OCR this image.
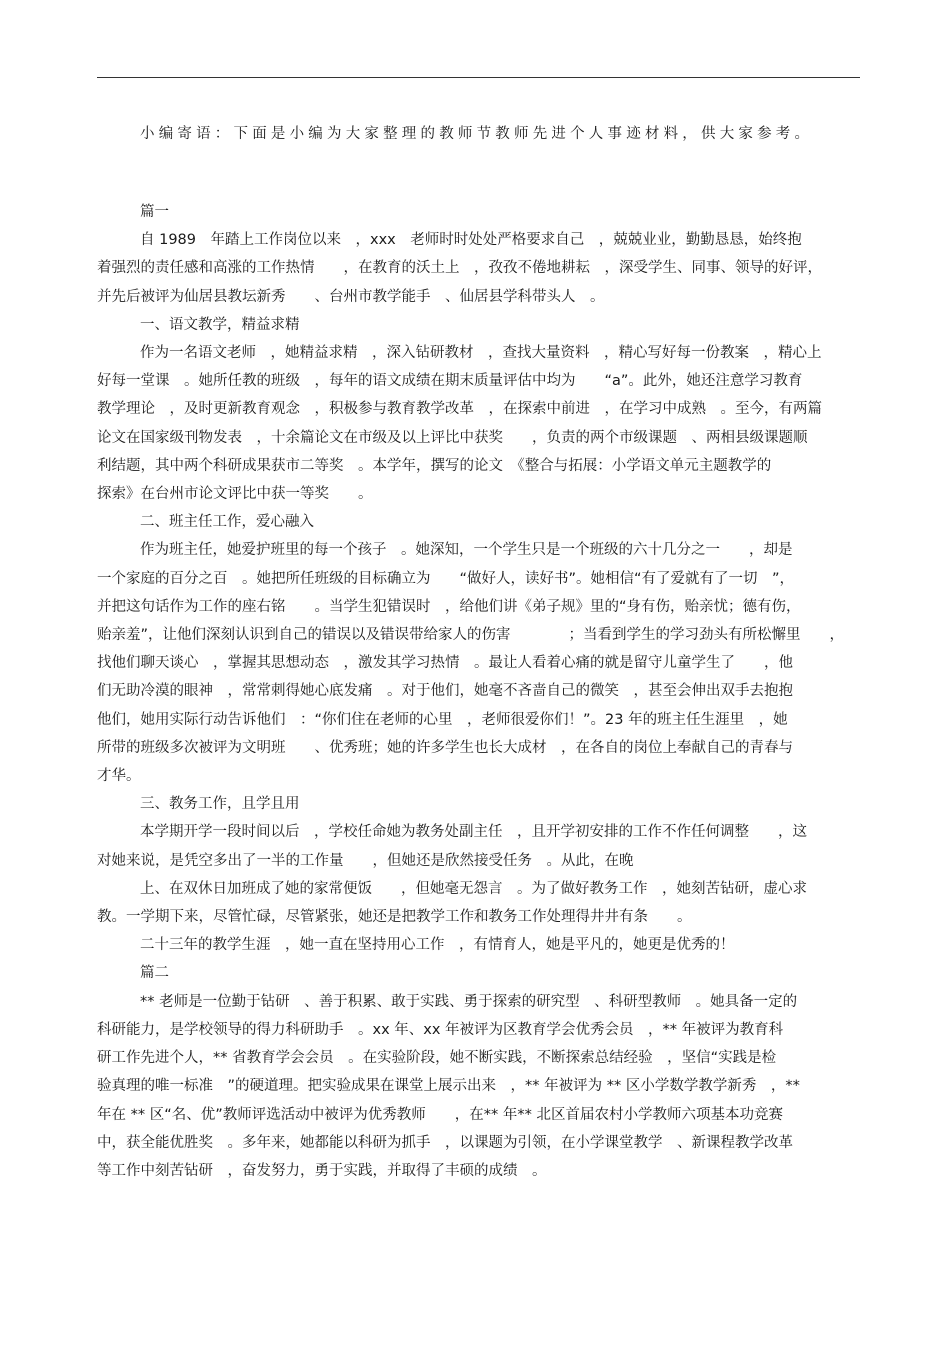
小编寄语：下面是小编为大家整理的教师节教师先进个人事迹材料，供大家参考。

篇一

自 1989　年踏上工作岗位以来　，xxx　老师时时处处严格要求自己　，兢兢业业，勤勤恳恳，始终抱

着强烈的责任感和高涨的工作热情　　，在教育的沃土上　，孜孜不倦地耕耘　，深受学生、同事、领导的好评，

并先后被评为仙居县教坛新秀　　、台州市教学能手　、仙居县学科带头人　。

一、语文教学，精益求精

作为一名语文老师　，她精益求精　，深入钻研教材　，查找大量资料　，精心写好每一份教案　，精心上

好每一堂课　。她所任教的班级　，每年的语文成绩在期末质量评估中均为　　“a”。此外，她还注意学习教育

教学理论　，及时更新教育观念　，积极参与教育教学改革　，在探索中前进　，在学习中成熟　。至今，有两篇

论文在国家级刊物发表　，十余篇论文在市级及以上评比中获奖　　，负责的两个市级课题　、两相县级课题顺

利结题，其中两个科研成果获市二等奖　。本学年，撰写的论文　《整合与拓展：小学语文单元主题教学的

探索》在台州市论文评比中获一等奖　　。

二、班主任工作，爱心融入

作为班主任，她爱护班里的每一个孩子　。她深知，一个学生只是一个班级的六十几分之一　　，却是

一个家庭的百分之百　。她把所任班级的目标确立为　　“做好人，读好书”。她相信“有了爱就有了一切　”，

并把这句话作为工作的座右铭　　。当学生犯错误时　，给他们讲《弟子规》里的“身有伤，贻亲忧；德有伤，

贻亲羞”，让他们深刻认识到自己的错误以及错误带给家人的伤害　　　　；当看到学生的学习劲头有所松懈里　　，

找他们聊天谈心　，掌握其思想动态　，激发其学习热情　。最让人看着心痛的就是留守儿童学生了　　，他

们无助冷漠的眼神　，常常刺得她心底发痛　。对于他们，她毫不吝啬自己的微笑　，甚至会伸出双手去抱抱

他们，她用实际行动告诉他们　：“你们住在老师的心里　，老师很爱你们！”。23 年的班主任生涯里　，她

所带的班级多次被评为文明班　　、优秀班；她的许多学生也长大成材　，在各自的岗位上奉献自己的青春与

才华。

三、教务工作，且学且用

本学期开学一段时间以后　，学校任命她为教务处副主任　，且开学初安排的工作不作任何调整　　，这

对她来说，是凭空多出了一半的工作量　　，但她还是欣然接受任务　。从此，在晚

上、在双休日加班成了她的家常便饭　　，但她毫无怨言　。为了做好教务工作　，她刻苦钻研，虚心求

教。一学期下来，尽管忙碌，尽管紧张，她还是把教学工作和教务工作处理得井井有条　　。

二十三年的教学生涯　，她一直在坚持用心工作　，有情育人，她是平凡的，她更是优秀的！

篇二

** 老师是一位勤于钻研　、善于积累、敢于实践、勇于探索的研究型　、科研型教师　。她具备一定的

科研能力，是学校领导的得力科研助手　。xx 年、xx 年被评为区教育学会优秀会员　，** 年被评为教育科

研工作先进个人，** 省教育学会会员　。在实验阶段，她不断实践，不断探索总结经验　，坚信“实践是检

验真理的唯一标准　”的硬道理。把实验成果在课堂上展示出来　，** 年被评为 ** 区小学数学教学新秀　，**

年在 ** 区“名、优”教师评选活动中被评为优秀教师　　，在** 年** 北区首届农村小学教师六项基本功竞赛

中，获全能优胜奖　。多年来，她都能以科研为抓手　，以课题为引领，在小学课堂教学　、新课程教学改革

等工作中刻苦钻研　，奋发努力，勇于实践，并取得了丰硕的成绩　。
